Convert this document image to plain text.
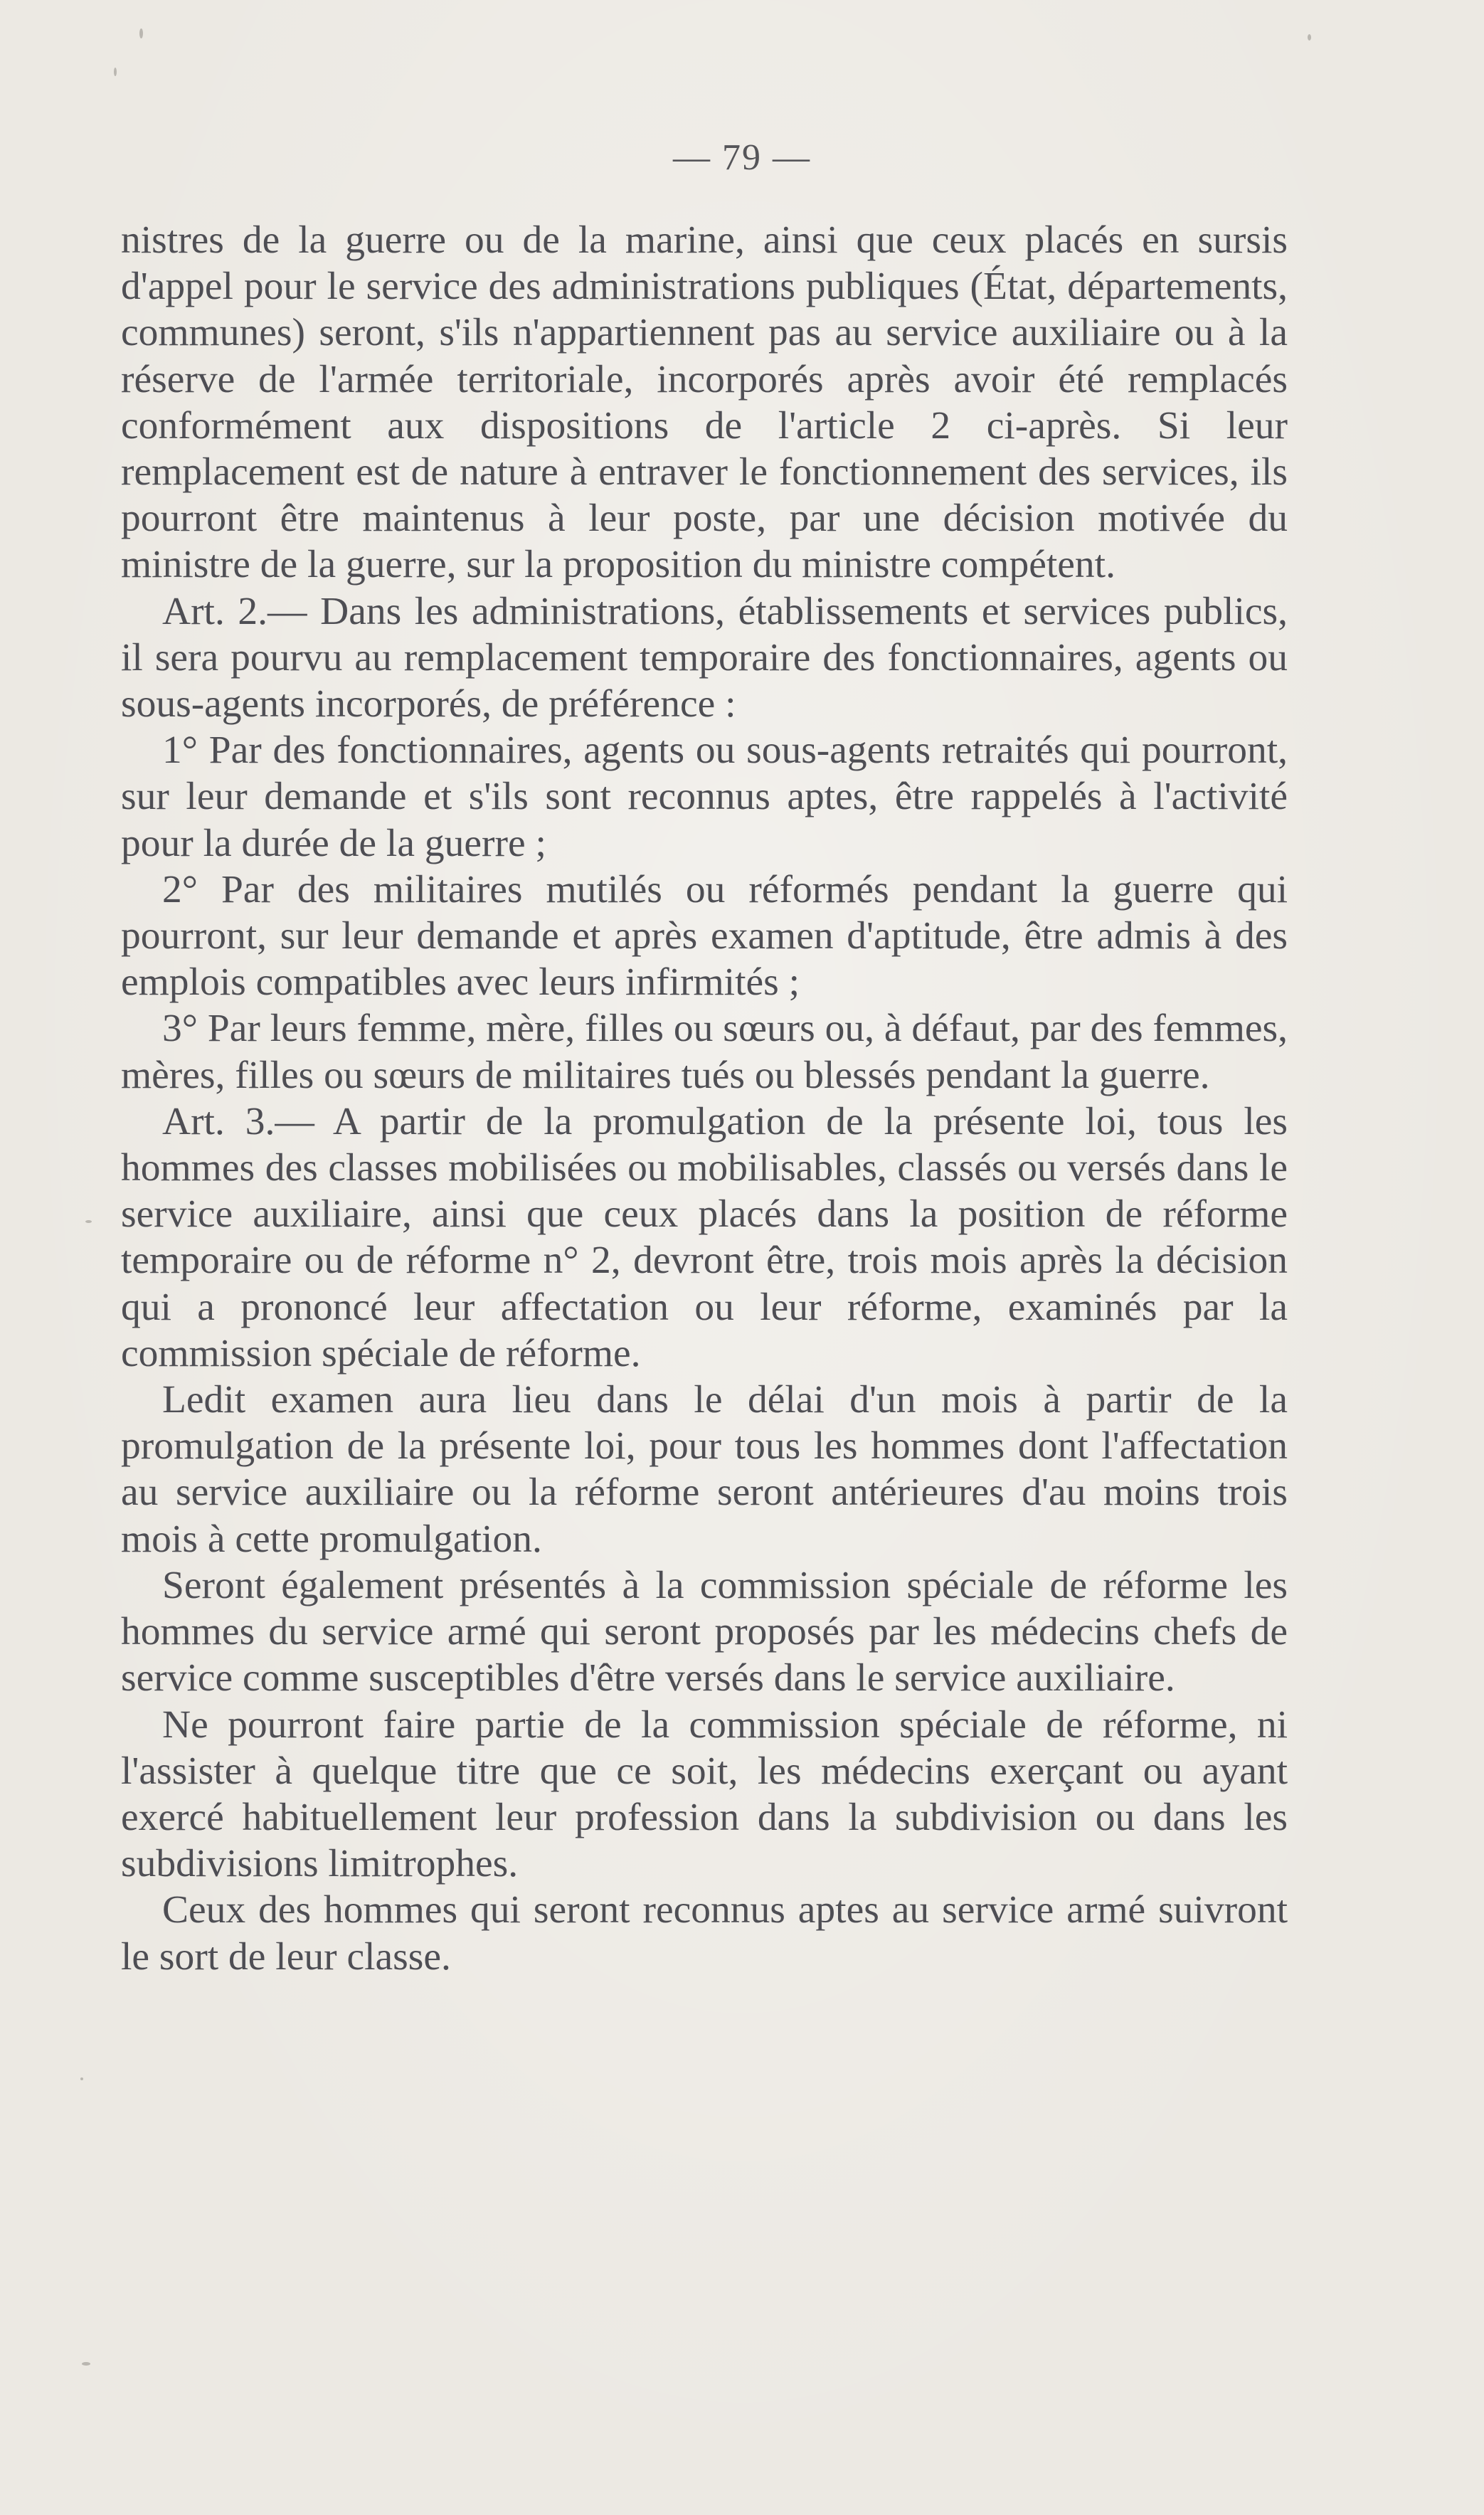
— 79 —

nistres de la guerre ou de la marine, ainsi que ceux placés en sursis d'appel pour le service des administrations publiques (État, départements, communes) seront, s'ils n'appartiennent pas au service auxiliaire ou à la réserve de l'armée territoriale, incorporés après avoir été remplacés conformément aux dispositions de l'article 2 ci-après. Si leur remplacement est de nature à entraver le fonctionnement des services, ils pourront être maintenus à leur poste, par une décision motivée du ministre de la guerre, sur la proposition du ministre compétent.

Art. 2.— Dans les administrations, établissements et services publics, il sera pourvu au remplacement temporaire des fonctionnaires, agents ou sous-agents incorporés, de préférence :

1° Par des fonctionnaires, agents ou sous-agents retraités qui pourront, sur leur demande et s'ils sont reconnus aptes, être rappelés à l'activité pour la durée de la guerre ;

2° Par des militaires mutilés ou réformés pendant la guerre qui pourront, sur leur demande et après examen d'aptitude, être admis à des emplois compatibles avec leurs infirmités ;

3° Par leurs femme, mère, filles ou sœurs ou, à défaut, par des femmes, mères, filles ou sœurs de militaires tués ou blessés pendant la guerre.

Art. 3.— A partir de la promulgation de la présente loi, tous les hommes des classes mobilisées ou mobilisables, classés ou versés dans le service auxiliaire, ainsi que ceux placés dans la position de réforme temporaire ou de réforme n° 2, devront être, trois mois après la décision qui a prononcé leur affectation ou leur réforme, examinés par la commission spéciale de réforme.

Ledit examen aura lieu dans le délai d'un mois à partir de la promulgation de la présente loi, pour tous les hommes dont l'affectation au service auxiliaire ou la réforme seront antérieures d'au moins trois mois à cette promulgation.

Seront également présentés à la commission spéciale de réforme les hommes du service armé qui seront proposés par les médecins chefs de service comme susceptibles d'être versés dans le service auxiliaire.

Ne pourront faire partie de la commission spéciale de réforme, ni l'assister à quelque titre que ce soit, les médecins exerçant ou ayant exercé habituellement leur profession dans la subdivision ou dans les subdivisions limitrophes.

Ceux des hommes qui seront reconnus aptes au service armé suivront le sort de leur classe.
